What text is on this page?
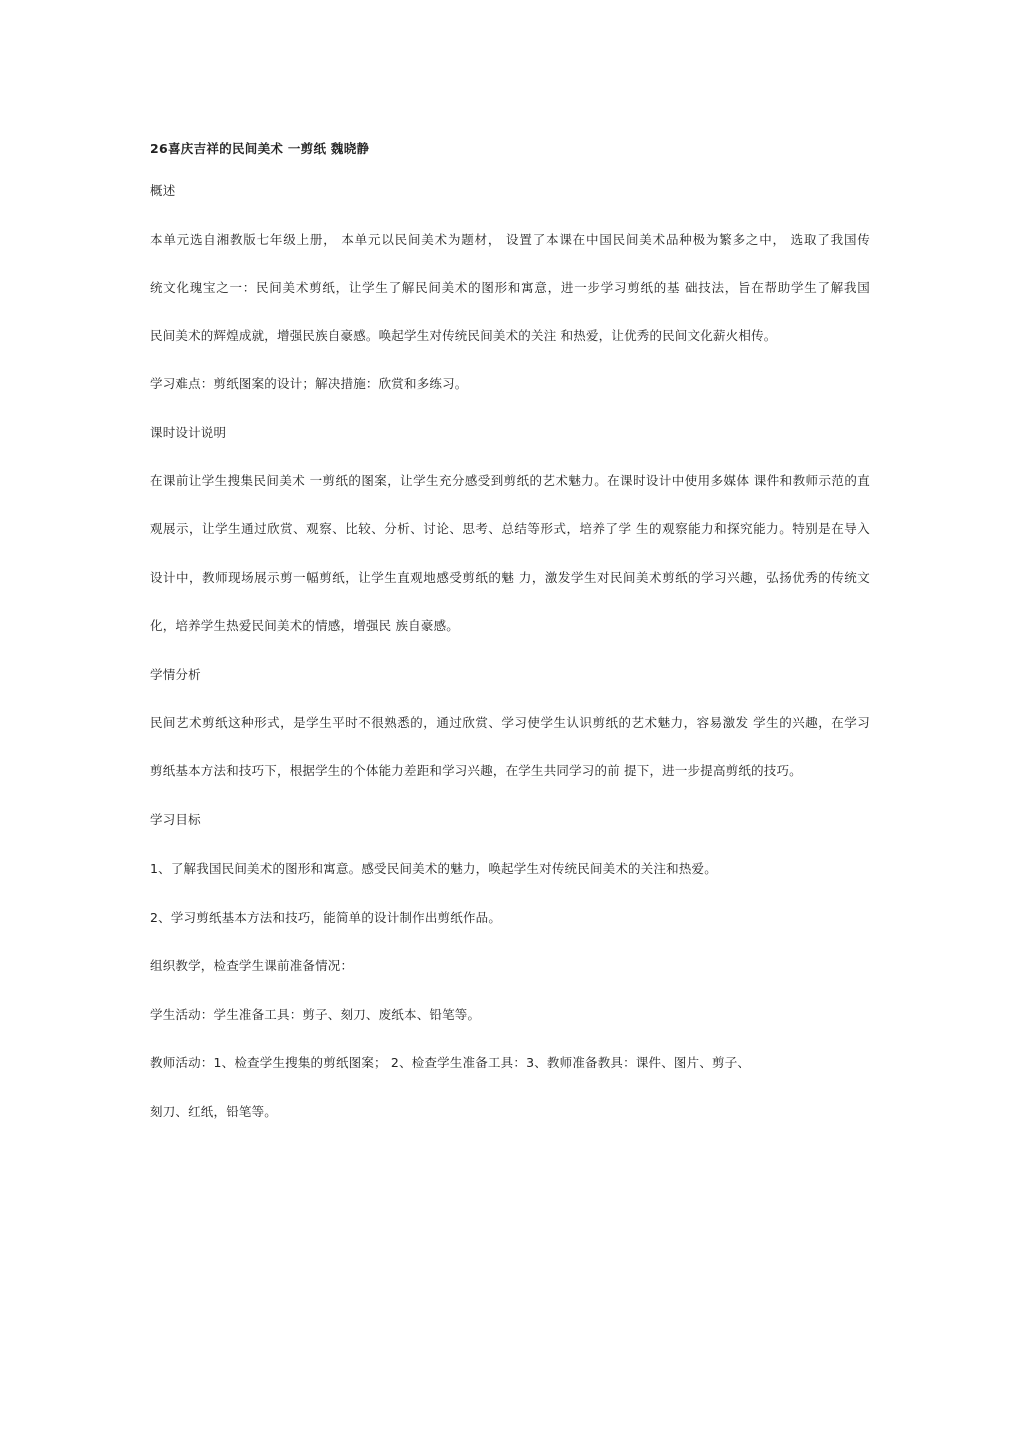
26喜庆吉祥的民间美术 一剪纸 魏晓静
概述
本单元选自湘教版七年级上册， 本单元以民间美术为题材， 设置了本课在中国民间美术品种极为繁多之中， 选取了我国传
统文化瑰宝之一：民间美术剪纸，让学生了解民间美术的图形和寓意，进一步学习剪纸的基 础技法，旨在帮助学生了解我国
民间美术的辉煌成就，增强民族自豪感。唤起学生对传统民间美术的关注 和热爱，让优秀的民间文化薪火相传。
学习难点：剪纸图案的设计；解决措施：欣赏和多练习。
课时设计说明
在课前让学生搜集民间美术 一剪纸的图案，让学生充分感受到剪纸的艺术魅力。在课时设计中使用多媒体 课件和教师示范的直
观展示，让学生通过欣赏、观察、比较、分析、讨论、思考、总结等形式，培养了学 生的观察能力和探究能力。特别是在导入
设计中，教师现场展示剪一幅剪纸，让学生直观地感受剪纸的魅 力，激发学生对民间美术剪纸的学习兴趣，弘扬优秀的传统文
化，培养学生热爱民间美术的情感，增强民 族自豪感。
学情分析
民间艺术剪纸这种形式，是学生平时不很熟悉的，通过欣赏、学习使学生认识剪纸的艺术魅力，容易激发 学生的兴趣，在学习
剪纸基本方法和技巧下，根据学生的个体能力差距和学习兴趣，在学生共同学习的前 提下，进一步提高剪纸的技巧。
学习目标
1、了解我国民间美术的图形和寓意。感受民间美术的魅力，唤起学生对传统民间美术的关注和热爱。
2、学习剪纸基本方法和技巧，能简单的设计制作出剪纸作品。
组织教学，检查学生课前准备情况：
学生活动：学生准备工具：剪子、刻刀、废纸本、铅笔等。
教师活动：1、检查学生搜集的剪纸图案； 2、检查学生准备工具：3、教师准备教具：课件、图片、剪子、
刻刀、红纸，铅笔等。
